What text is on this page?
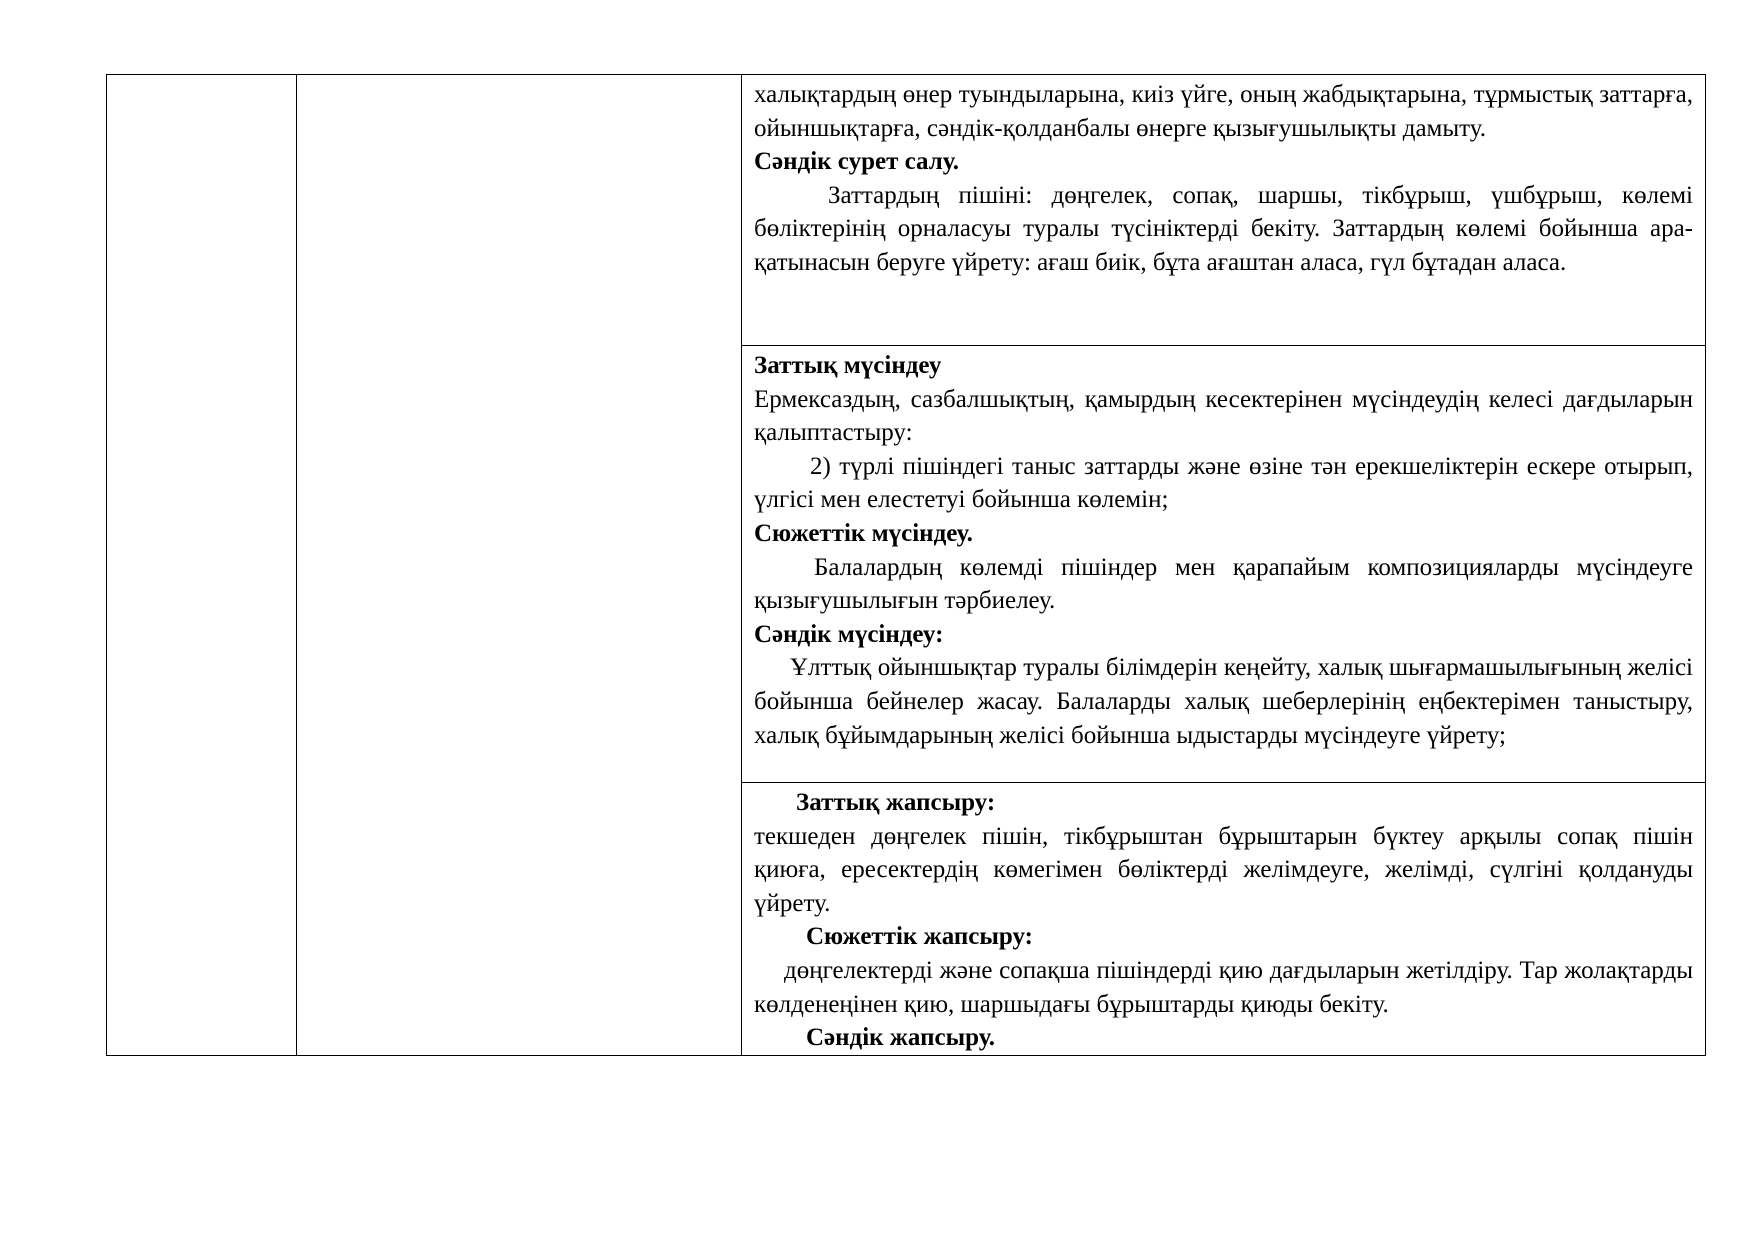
халықтардың өнер туындыларына, киіз үйге, оның жабдықтарына, тұрмыстық заттарға, ойыншықтарға, сәндік-қолданбалы өнерге қызығушылықты дамыту.

Сәндік сурет салу.

Заттардың пішіні: дөңгелек, сопақ, шаршы, тікбұрыш, үшбұрыш, көлемі бөліктерінің орналасуы туралы түсініктерді бекіту. Заттардың көлемі бойынша ара-қатынасын беруге үйрету: ағаш биік, бұта ағаштан аласа, гүл бұтадан аласа.

Заттық мүсіндеу

Ермексаздың, сазбалшықтың, қамырдың кесектерінен мүсіндеудің келесі дағдыларын қалыптастыру:

2) түрлі пішіндегі таныс заттарды және өзіне тән ерекшеліктерін ескере отырып, үлгісі мен елестетуі бойынша көлемін;

Сюжеттік мүсіндеу.

Балалардың көлемді пішіндер мен қарапайым композицияларды мүсіндеуге қызығушылығын тәрбиелеу.

Сәндік мүсіндеу:

Ұлттық ойыншықтар туралы білімдерін кеңейту, халық шығармашылығының желісі бойынша бейнелер жасау. Балаларды халық шеберлерінің еңбектерімен таныстыру, халық бұйымдарының желісі бойынша ыдыстарды мүсіндеуге үйрету;

Заттық жапсыру:

текшеден дөңгелек пішін, тікбұрыштан бұрыштарын бүктеу арқылы сопақ пішін қиюға, ересектердің көмегімен бөліктерді желімдеуге, желімді, сүлгіні қолдануды үйрету.

Сюжеттік жапсыру:

дөңгелектерді және сопақша пішіндерді қию дағдыларын жетілдіру. Тар жолақтарды көлденеңінен қию, шаршыдағы бұрыштарды қиюды бекіту.

Сәндік жапсыру.
